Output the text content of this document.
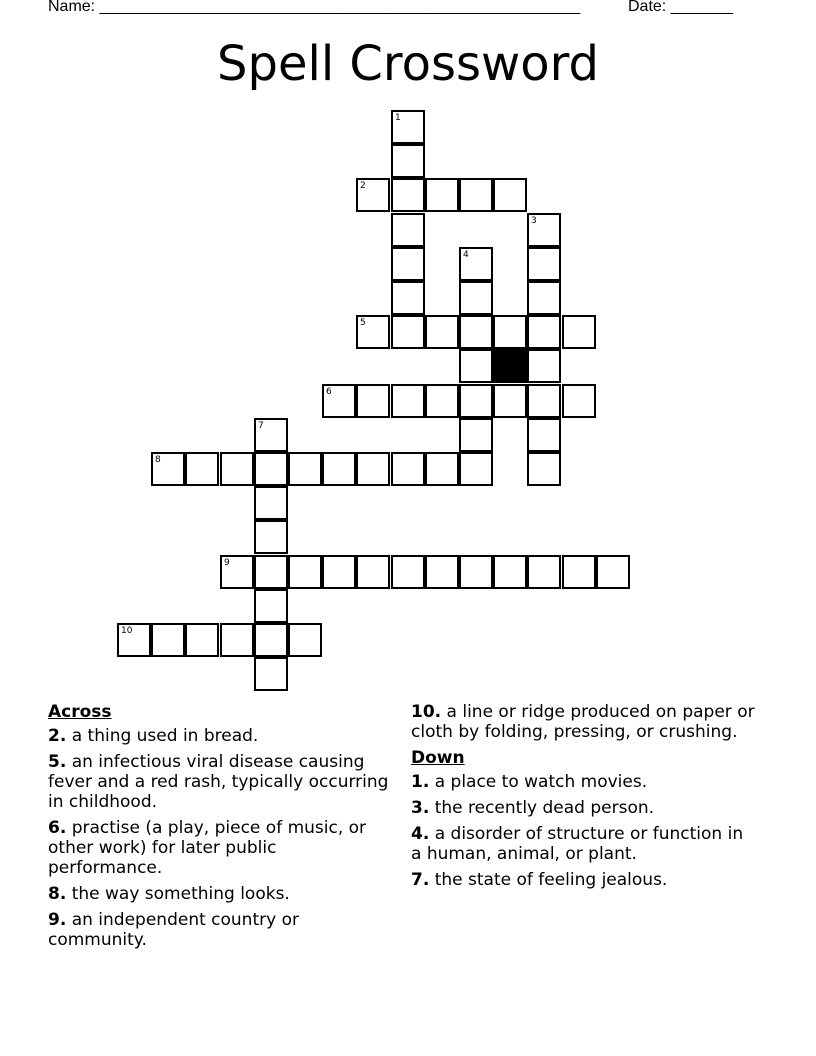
Name: ______________________________________________________	Date: _______
Spell Crossword
1
2
3
4
5
6
7
8
9
10
Across
2. a thing used in bread.
5. an infectious viral disease causing fever and a red rash, typically occurring in childhood.
6. practise (a play, piece of music, or other work) for later public performance.
8. the way something looks.
9. an independent country or community.
10. a line or ridge produced on paper or cloth by folding, pressing, or crushing.
Down
1. a place to watch movies.
3. the recently dead person.
4. a disorder of structure or function in a human, animal, or plant.
7. the state of feeling jealous.
